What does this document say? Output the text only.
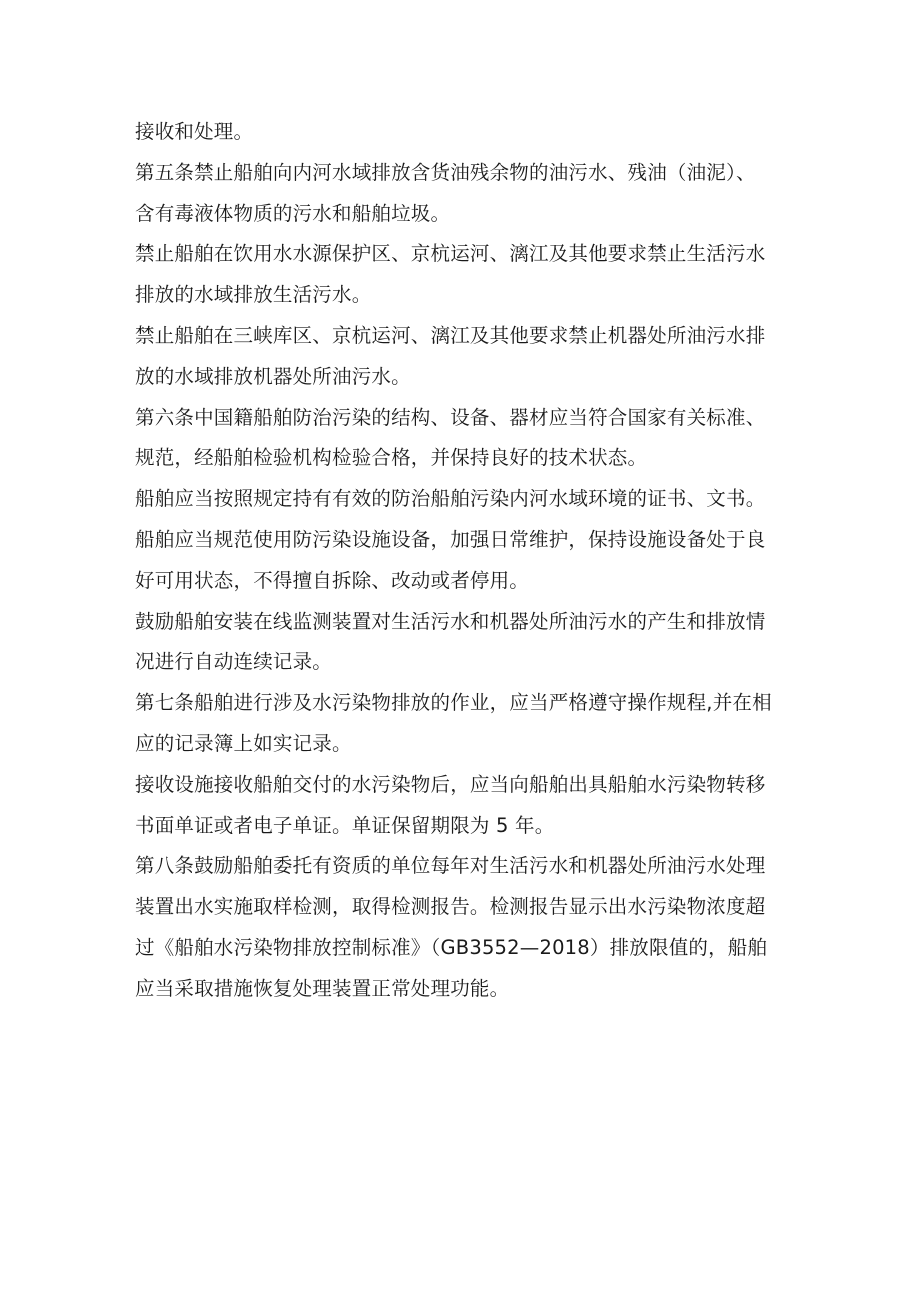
接收和处理。
第五条禁止船舶向内河水域排放含货油残余物的油污水、残油（油泥）、
含有毒液体物质的污水和船舶垃圾。
禁止船舶在饮用水水源保护区、京杭运河、漓江及其他要求禁止生活污水
排放的水域排放生活污水。
禁止船舶在三峡库区、京杭运河、漓江及其他要求禁止机器处所油污水排
放的水域排放机器处所油污水。
第六条中国籍船舶防治污染的结构、设备、器材应当符合国家有关标准、
规范，经船舶检验机构检验合格，并保持良好的技术状态。
船舶应当按照规定持有有效的防治船舶污染内河水域环境的证书、文书。
船舶应当规范使用防污染设施设备，加强日常维护，保持设施设备处于良
好可用状态，不得擅自拆除、改动或者停用。
鼓励船舶安装在线监测装置对生活污水和机器处所油污水的产生和排放情
况进行自动连续记录。
第七条船舶进行涉及水污染物排放的作业，应当严格遵守操作规程,并在相
应的记录簿上如实记录。
接收设施接收船舶交付的水污染物后，应当向船舶出具船舶水污染物转移
书面单证或者电子单证。单证保留期限为 5 年。
第八条鼓励船舶委托有资质的单位每年对生活污水和机器处所油污水处理
装置出水实施取样检测，取得检测报告。检测报告显示出水污染物浓度超
过《船舶水污染物排放控制标准》（GB3552—2018）排放限值的，船舶
应当采取措施恢复处理装置正常处理功能。
